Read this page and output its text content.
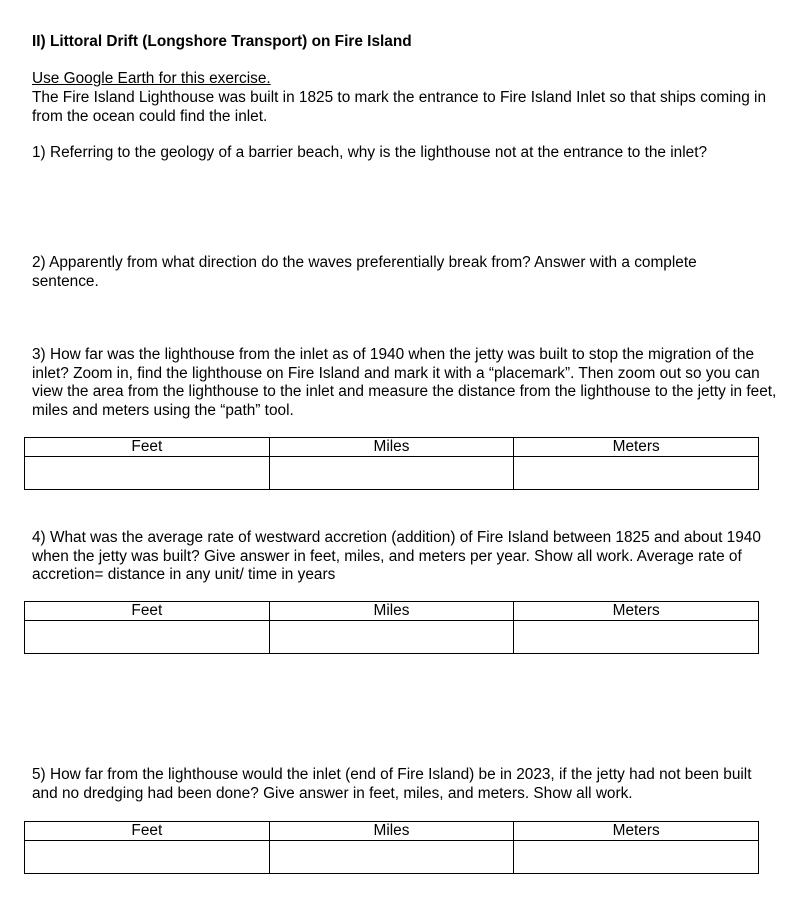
II) Littoral Drift (Longshore Transport) on Fire Island

Use Google Earth for this exercise.

The Fire Island Lighthouse was built in 1825 to mark the entrance to Fire Island Inlet so that ships coming in from the ocean could find the inlet.

1) Referring to the geology of a barrier beach, why is the lighthouse not at the entrance to the inlet?

2) Apparently from what direction do the waves preferentially break from? Answer with a complete sentence.

3) How far was the lighthouse from the inlet as of 1940 when the jetty was built to stop the migration of the inlet? Zoom in, find the lighthouse on Fire Island and mark it with a “placemark”. Then zoom out so you can view the area from the lighthouse to the inlet and measure the distance from the lighthouse to the jetty in feet, miles and meters using the “path” tool.

Feet	Miles	Meters

4) What was the average rate of westward accretion (addition) of Fire Island between 1825 and about 1940 when the jetty was built? Give answer in feet, miles, and meters per year. Show all work. Average rate of accretion= distance in any unit/ time in years

Feet	Miles	Meters

5) How far from the lighthouse would the inlet (end of Fire Island) be in 2023, if the jetty had not been built and no dredging had been done? Give answer in feet, miles, and meters. Show all work.

Feet	Miles	Meters
